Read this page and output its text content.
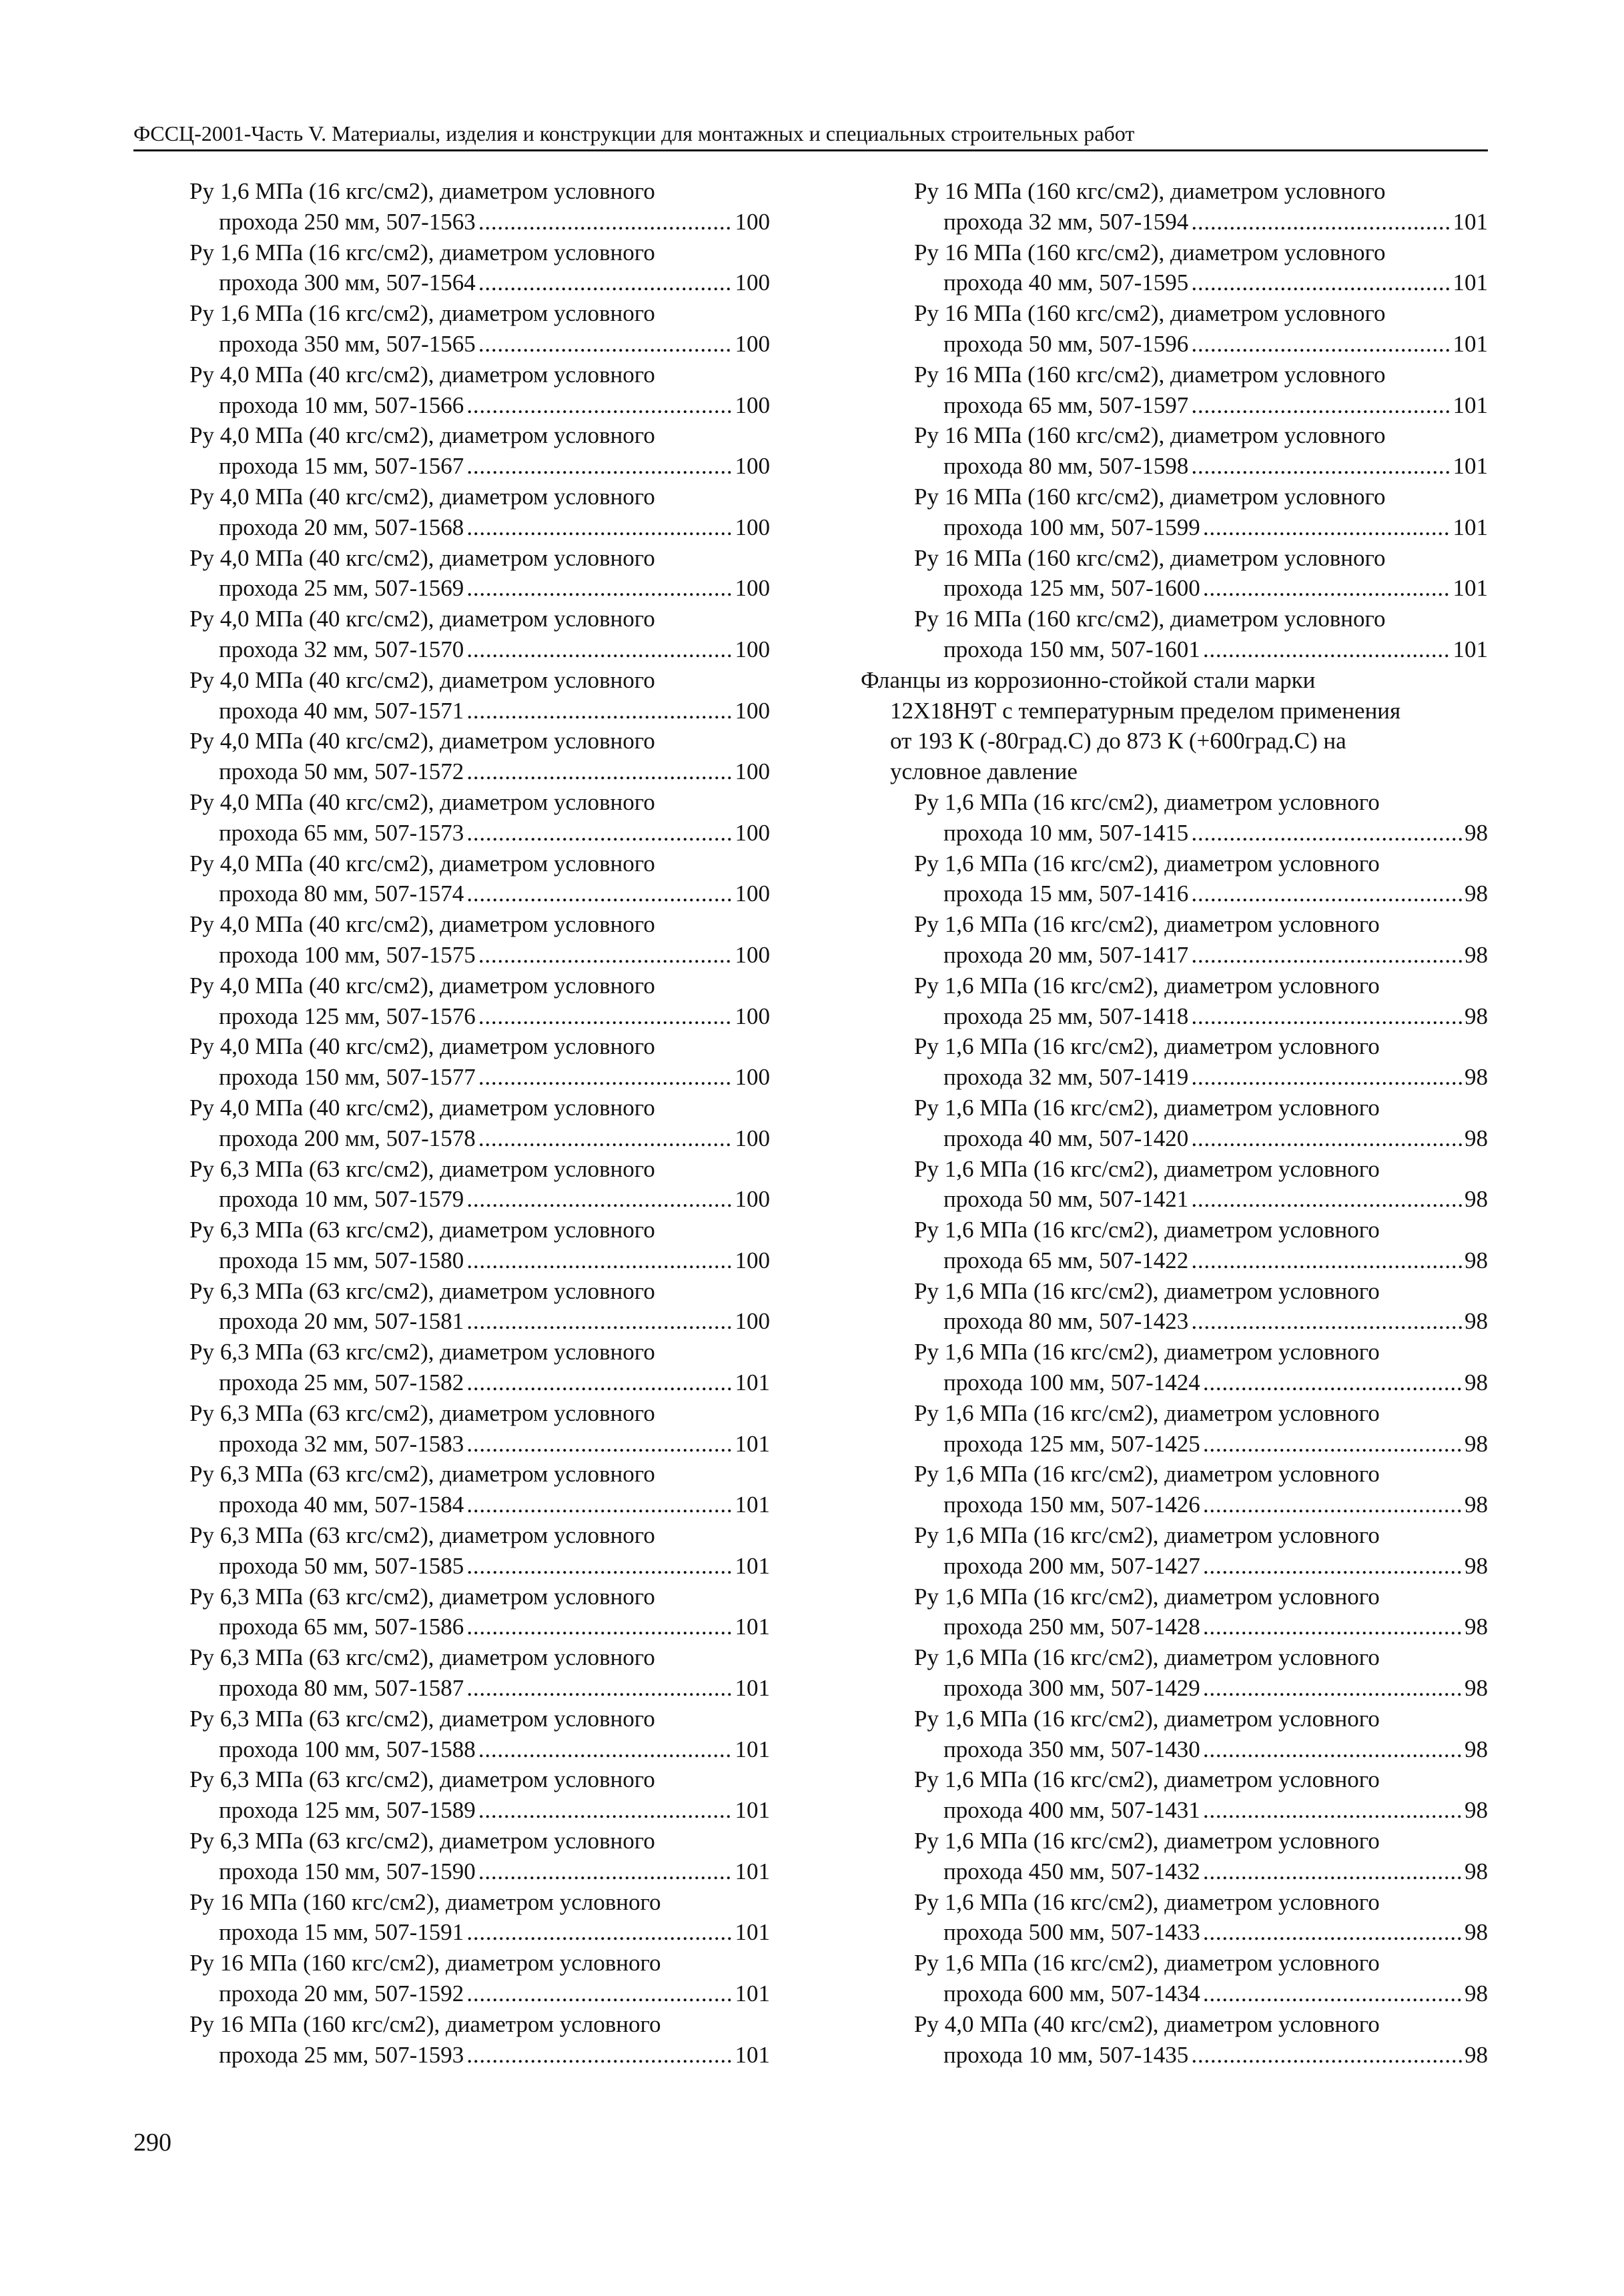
ФССЦ-2001-Часть V. Материалы, изделия и конструкции для монтажных и специальных строительных работ
Ру 1,6 МПа (16 кгс/см2), диаметром условного
прохода 250 мм, 507-1563 . . .	100
Ру 1,6 МПа (16 кгс/см2), диаметром условного
прохода 300 мм, 507-1564 . . .	100
Ру 1,6 МПа (16 кгс/см2), диаметром условного
прохода 350 мм, 507-1565 . . .	100
Ру 4,0 МПа (40 кгс/см2), диаметром условного
прохода 10 мм, 507-1566 . . .	100
Ру 4,0 МПа (40 кгс/см2), диаметром условного
прохода 15 мм, 507-1567 . . .	100
Ру 4,0 МПа (40 кгс/см2), диаметром условного
прохода 20 мм, 507-1568 . . .	100
Ру 4,0 МПа (40 кгс/см2), диаметром условного
прохода 25 мм, 507-1569 . . .	100
Ру 4,0 МПа (40 кгс/см2), диаметром условного
прохода 32 мм, 507-1570 . . .	100
Ру 4,0 МПа (40 кгс/см2), диаметром условного
прохода 40 мм, 507-1571 . . .	100
Ру 4,0 МПа (40 кгс/см2), диаметром условного
прохода 50 мм, 507-1572 . . .	100
Ру 4,0 МПа (40 кгс/см2), диаметром условного
прохода 65 мм, 507-1573 . . .	100
Ру 4,0 МПа (40 кгс/см2), диаметром условного
прохода 80 мм, 507-1574 . . .	100
Ру 4,0 МПа (40 кгс/см2), диаметром условного
прохода 100 мм, 507-1575 . . .	100
Ру 4,0 МПа (40 кгс/см2), диаметром условного
прохода 125 мм, 507-1576 . . .	100
Ру 4,0 МПа (40 кгс/см2), диаметром условного
прохода 150 мм, 507-1577 . . .	100
Ру 4,0 МПа (40 кгс/см2), диаметром условного
прохода 200 мм, 507-1578 . . .	100
Ру 6,3 МПа (63 кгс/см2), диаметром условного
прохода 10 мм, 507-1579 . . .	100
Ру 6,3 МПа (63 кгс/см2), диаметром условного
прохода 15 мм, 507-1580 . . .	100
Ру 6,3 МПа (63 кгс/см2), диаметром условного
прохода 20 мм, 507-1581 . . .	100
Ру 6,3 МПа (63 кгс/см2), диаметром условного
прохода 25 мм, 507-1582 . . .	101
Ру 6,3 МПа (63 кгс/см2), диаметром условного
прохода 32 мм, 507-1583 . . .	101
Ру 6,3 МПа (63 кгс/см2), диаметром условного
прохода 40 мм, 507-1584 . . .	101
Ру 6,3 МПа (63 кгс/см2), диаметром условного
прохода 50 мм, 507-1585 . . .	101
Ру 6,3 МПа (63 кгс/см2), диаметром условного
прохода 65 мм, 507-1586 . . .	101
Ру 6,3 МПа (63 кгс/см2), диаметром условного
прохода 80 мм, 507-1587 . . .	101
Ру 6,3 МПа (63 кгс/см2), диаметром условного
прохода 100 мм, 507-1588 . . .	101
Ру 6,3 МПа (63 кгс/см2), диаметром условного
прохода 125 мм, 507-1589 . . .	101
Ру 6,3 МПа (63 кгс/см2), диаметром условного
прохода 150 мм, 507-1590 . . .	101
Ру 16 МПа (160 кгс/см2), диаметром условного
прохода 15 мм, 507-1591 . . .	101
Ру 16 МПа (160 кгс/см2), диаметром условного
прохода 20 мм, 507-1592 . . .	101
Ру 16 МПа (160 кгс/см2), диаметром условного
прохода 25 мм, 507-1593 . . .	101
Ру 16 МПа (160 кгс/см2), диаметром условного
прохода 32 мм, 507-1594 . . .	101
Ру 16 МПа (160 кгс/см2), диаметром условного
прохода 40 мм, 507-1595 . . .	101
Ру 16 МПа (160 кгс/см2), диаметром условного
прохода 50 мм, 507-1596 . . .	101
Ру 16 МПа (160 кгс/см2), диаметром условного
прохода 65 мм, 507-1597 . . .	101
Ру 16 МПа (160 кгс/см2), диаметром условного
прохода 80 мм, 507-1598 . . .	101
Ру 16 МПа (160 кгс/см2), диаметром условного
прохода 100 мм, 507-1599 . . .	101
Ру 16 МПа (160 кгс/см2), диаметром условного
прохода 125 мм, 507-1600 . . .	101
Ру 16 МПа (160 кгс/см2), диаметром условного
прохода 150 мм, 507-1601 . . .	101
Фланцы из коррозионно-стойкой стали марки
12Х18Н9Т с температурным пределом применения
от 193 К (-80град.С) до 873 К (+600град.С) на
условное давление
Ру 1,6 МПа (16 кгс/см2), диаметром условного
прохода 10 мм, 507-1415 . . .	98
Ру 1,6 МПа (16 кгс/см2), диаметром условного
прохода 15 мм, 507-1416 . . .	98
Ру 1,6 МПа (16 кгс/см2), диаметром условного
прохода 20 мм, 507-1417 . . .	98
Ру 1,6 МПа (16 кгс/см2), диаметром условного
прохода 25 мм, 507-1418 . . .	98
Ру 1,6 МПа (16 кгс/см2), диаметром условного
прохода 32 мм, 507-1419 . . .	98
Ру 1,6 МПа (16 кгс/см2), диаметром условного
прохода 40 мм, 507-1420 . . .	98
Ру 1,6 МПа (16 кгс/см2), диаметром условного
прохода 50 мм, 507-1421 . . .	98
Ру 1,6 МПа (16 кгс/см2), диаметром условного
прохода 65 мм, 507-1422 . . .	98
Ру 1,6 МПа (16 кгс/см2), диаметром условного
прохода 80 мм, 507-1423 . . .	98
Ру 1,6 МПа (16 кгс/см2), диаметром условного
прохода 100 мм, 507-1424 . . .	98
Ру 1,6 МПа (16 кгс/см2), диаметром условного
прохода 125 мм, 507-1425 . . .	98
Ру 1,6 МПа (16 кгс/см2), диаметром условного
прохода 150 мм, 507-1426 . . .	98
Ру 1,6 МПа (16 кгс/см2), диаметром условного
прохода 200 мм, 507-1427 . . .	98
Ру 1,6 МПа (16 кгс/см2), диаметром условного
прохода 250 мм, 507-1428 . . .	98
Ру 1,6 МПа (16 кгс/см2), диаметром условного
прохода 300 мм, 507-1429 . . .	98
Ру 1,6 МПа (16 кгс/см2), диаметром условного
прохода 350 мм, 507-1430 . . .	98
Ру 1,6 МПа (16 кгс/см2), диаметром условного
прохода 400 мм, 507-1431 . . .	98
Ру 1,6 МПа (16 кгс/см2), диаметром условного
прохода 450 мм, 507-1432 . . .	98
Ру 1,6 МПа (16 кгс/см2), диаметром условного
прохода 500 мм, 507-1433 . . .	98
Ру 1,6 МПа (16 кгс/см2), диаметром условного
прохода 600 мм, 507-1434 . . .	98
Ру 4,0 МПа (40 кгс/см2), диаметром условного
прохода 10 мм, 507-1435 . . .	98
290
